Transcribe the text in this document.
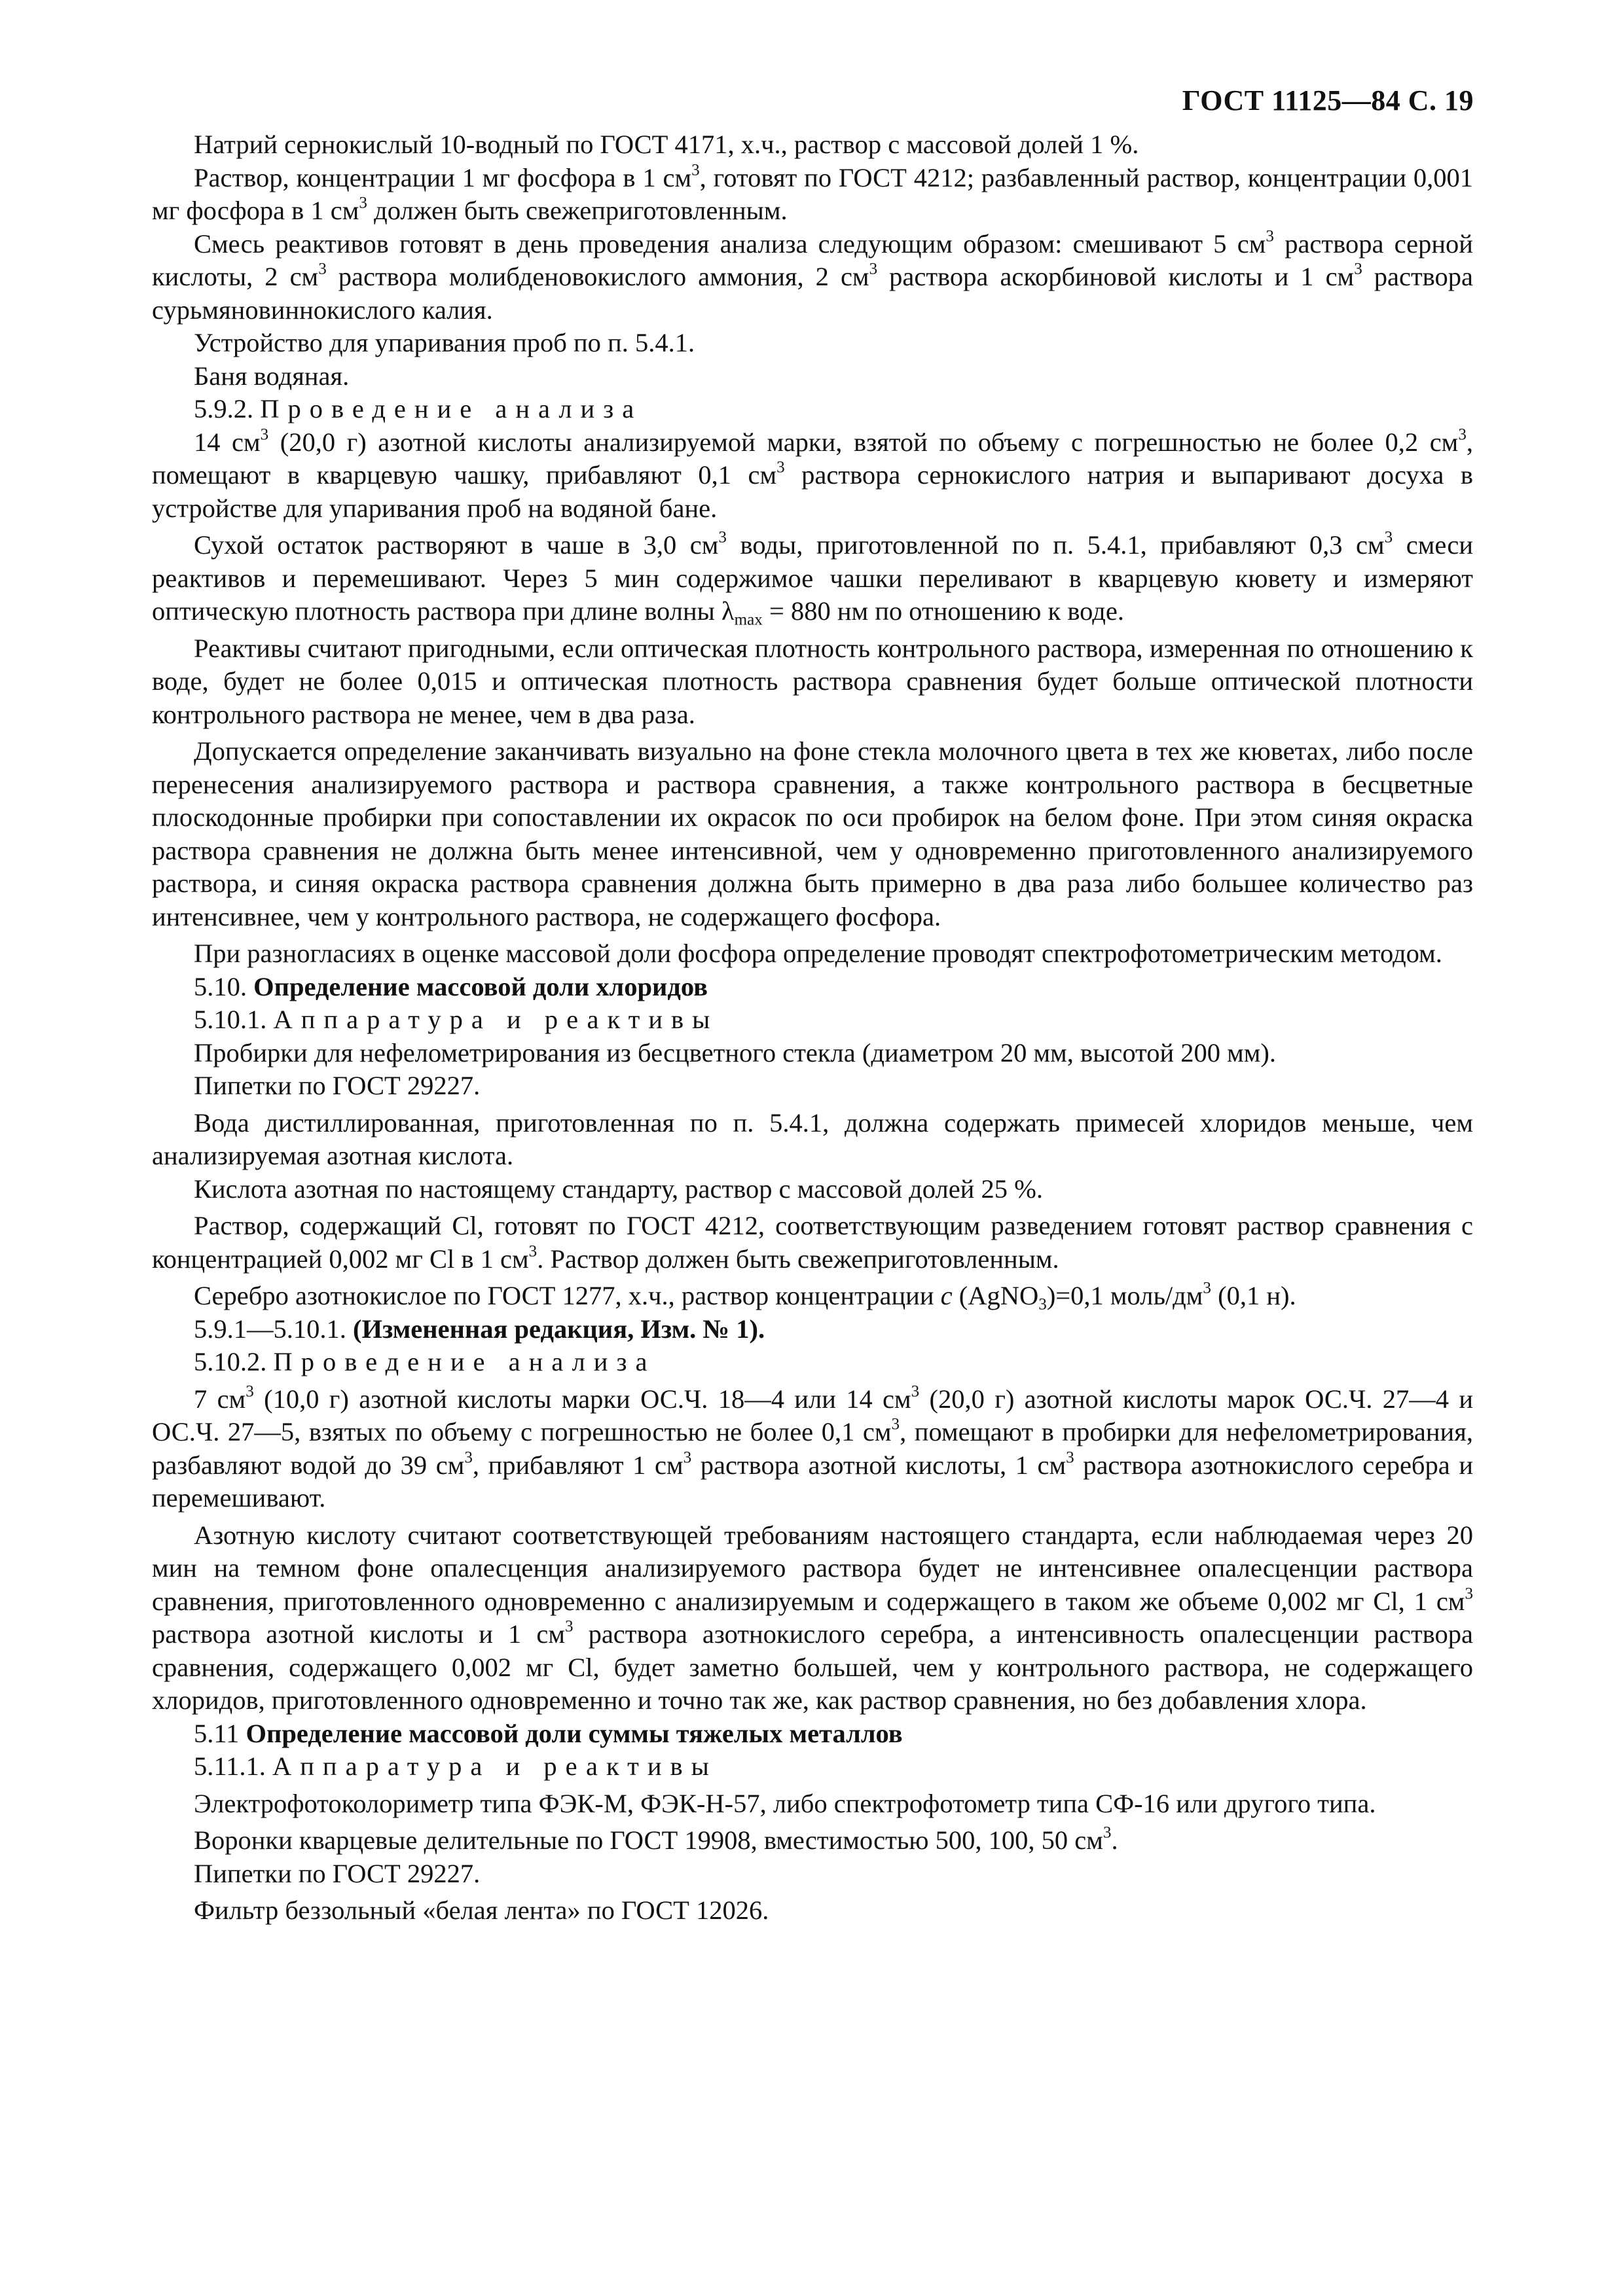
ГОСТ 11125—84 С. 19

Натрий сернокислый 10-водный по ГОСТ 4171, х.ч., раствор с массовой долей 1 %.

Раствор, концентрации 1 мг фосфора в 1 $см^3$, готовят по ГОСТ 4212; разбавленный раствор, концентрации 0,001 мг фосфора в 1 $см^3$ должен быть свежеприготовленным.

Смесь реактивов готовят в день проведения анализа следующим образом: смешивают 5 $см^3$ раствора серной кислоты, 2 $см^3$ раствора молибденовокислого аммония, 2 $см^3$ раствора аскорбиновой кислоты и 1 $см^3$ раствора сурьмяновиннокислого калия.

Устройство для упаривания проб по п. 5.4.1.

Баня водяная.

5.9.2. Проведение анализа

14 $см^3$ (20,0 г) азотной кислоты анализируемой марки, взятой по объему с погрешностью не более 0,2 $см^3$, помещают в кварцевую чашку, прибавляют 0,1 $см^3$ раствора сернокислого натрия и выпаривают досуха в устройстве для упаривания проб на водяной бане.

Сухой остаток растворяют в чаше в 3,0 $см^3$ воды, приготовленной по п. 5.4.1, прибавляют 0,3 $см^3$ смеси реактивов и перемешивают. Через 5 мин содержимое чашки переливают в кварцевую кювету и измеряют оптическую плотность раствора при длине волны $\lambda_{max} = 880$ нм по отношению к воде.

Реактивы считают пригодными, если оптическая плотность контрольного раствора, измеренная по отношению к воде, будет не более 0,015 и оптическая плотность раствора сравнения будет больше оптической плотности контрольного раствора не менее, чем в два раза.

Допускается определение заканчивать визуально на фоне стекла молочного цвета в тех же кюветах, либо после перенесения анализируемого раствора и раствора сравнения, а также контрольного раствора в бесцветные плоскодонные пробирки при сопоставлении их окрасок по оси пробирок на белом фоне. При этом синяя окраска раствора сравнения не должна быть менее интенсивной, чем у одновременно приготовленного анализируемого раствора, и синяя окраска раствора сравнения должна быть примерно в два раза либо большее количество раз интенсивнее, чем у контрольного раствора, не содержащего фосфора.

При разногласиях в оценке массовой доли фосфора определение проводят спектрофотометрическим методом.

5.10. Определение массовой доли хлоридов

5.10.1. Аппаратура и реактивы

Пробирки для нефелометрирования из бесцветного стекла (диаметром 20 мм, высотой 200 мм).

Пипетки по ГОСТ 29227.

Вода дистиллированная, приготовленная по п. 5.4.1, должна содержать примесей хлоридов меньше, чем анализируемая азотная кислота.

Кислота азотная по настоящему стандарту, раствор с массовой долей 25 %.

Раствор, содержащий Cl, готовят по ГОСТ 4212, соответствующим разведением готовят раствор сравнения с концентрацией 0,002 мг Cl в 1 $см^3$. Раствор должен быть свежеприготовленным.

Серебро азотнокислое по ГОСТ 1277, х.ч., раствор концентрации c (AgNO$_3$)=0,1 моль/$дм^3$ (0,1 н).

5.9.1—5.10.1. (Измененная редакция, Изм. № 1).

5.10.2. Проведение анализа

7 $см^3$ (10,0 г) азотной кислоты марки ОС.Ч. 18—4 или 14 $см^3$ (20,0 г) азотной кислоты марок ОС.Ч. 27—4 и ОС.Ч. 27—5, взятых по объему с погрешностью не более 0,1 $см^3$, помещают в пробирки для нефелометрирования, разбавляют водой до 39 $см^3$, прибавляют 1 $см^3$ раствора азотной кислоты, 1 $см^3$ раствора азотнокислого серебра и перемешивают.

Азотную кислоту считают соответствующей требованиям настоящего стандарта, если наблюдаемая через 20 мин на темном фоне опалесценция анализируемого раствора будет не интенсивнее опалесценции раствора сравнения, приготовленного одновременно с анализируемым и содержащего в таком же объеме 0,002 мг Cl, 1 $см^3$ раствора азотной кислоты и 1 $см^3$ раствора азотнокислого серебра, а интенсивность опалесценции раствора сравнения, содержащего 0,002 мг Cl, будет заметно большей, чем у контрольного раствора, не содержащего хлоридов, приготовленного одновременно и точно так же, как раствор сравнения, но без добавления хлора.

5.11 Определение массовой доли суммы тяжелых металлов

5.11.1. Аппаратура и реактивы

Электрофотоколориметр типа ФЭК-М, ФЭК-Н-57, либо спектрофотометр типа СФ-16 или другого типа.

Воронки кварцевые делительные по ГОСТ 19908, вместимостью 500, 100, 50 $см^3$.

Пипетки по ГОСТ 29227.

Фильтр беззольный «белая лента» по ГОСТ 12026.
